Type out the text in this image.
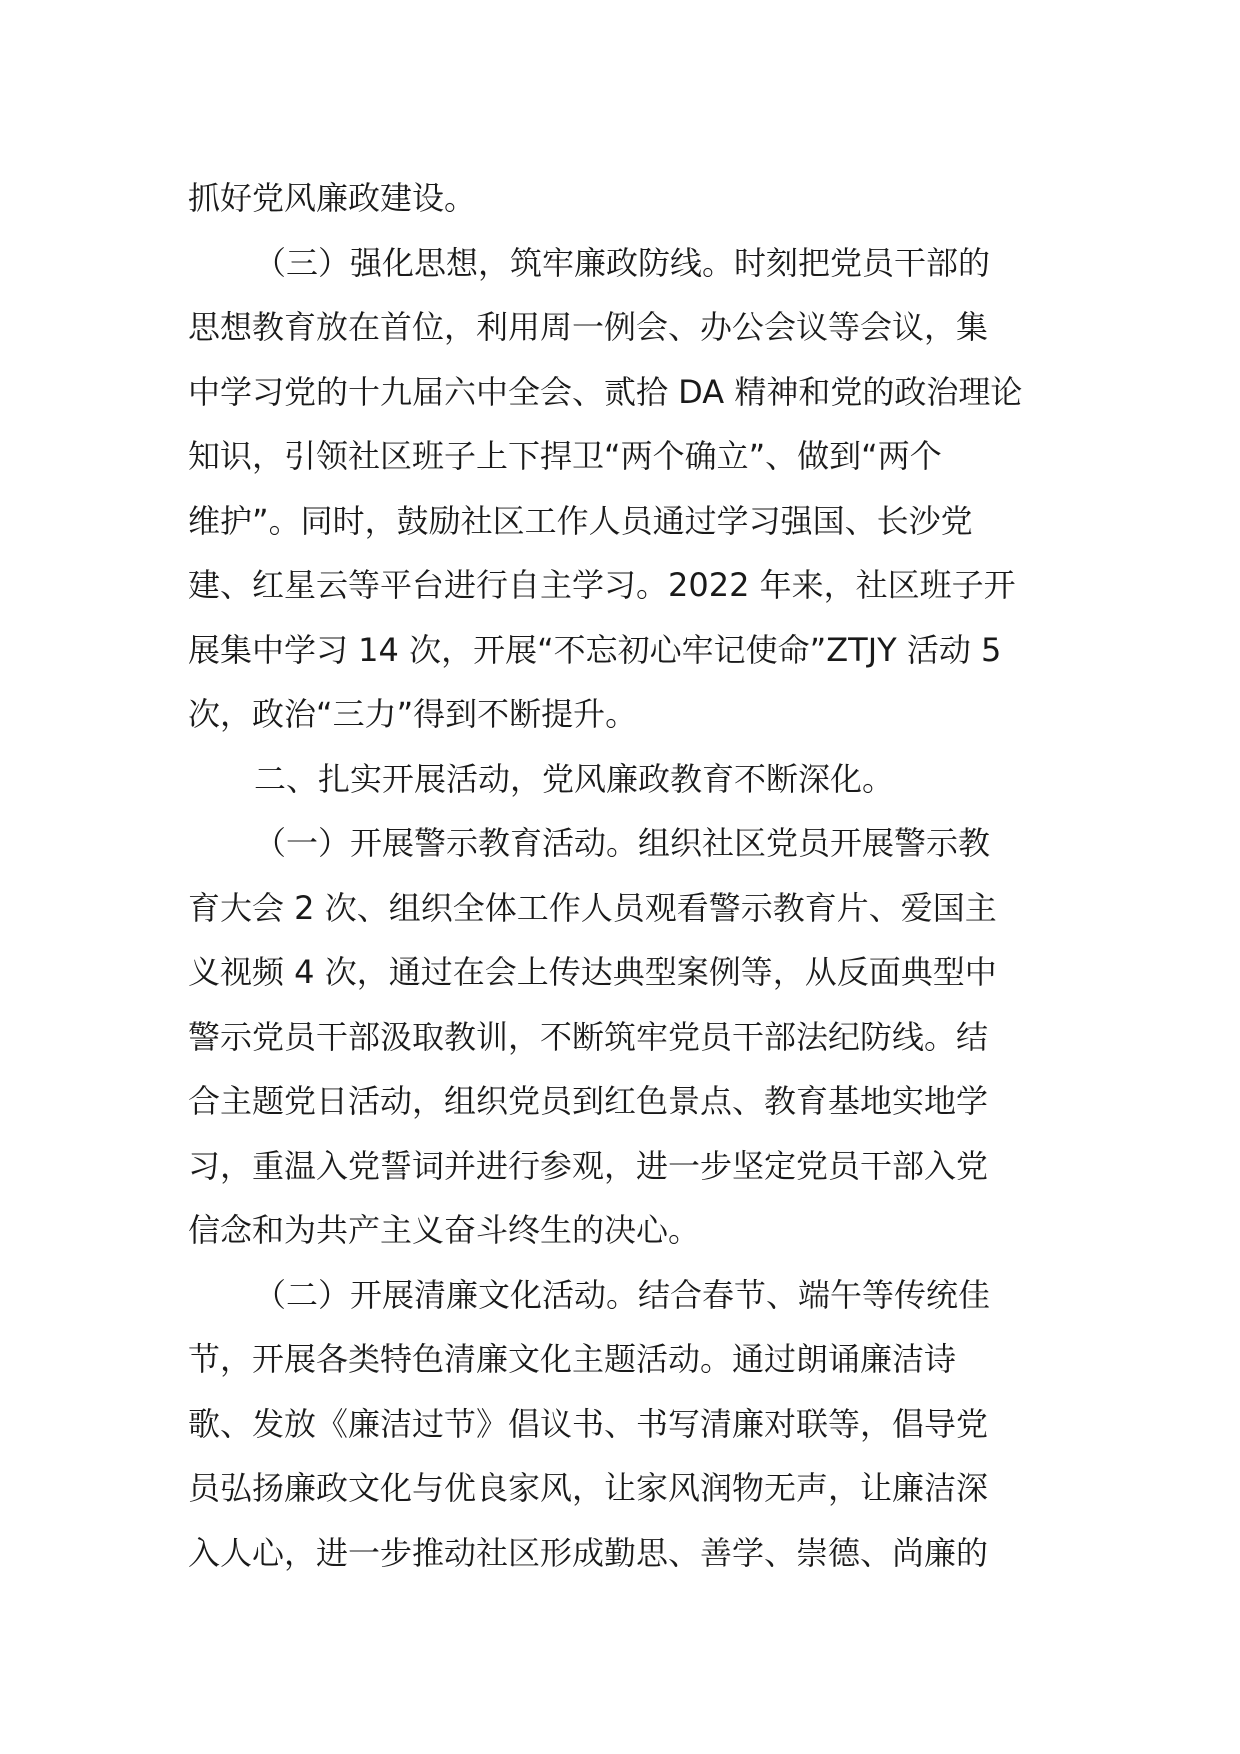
抓好党风廉政建设。
（三）强化思想，筑牢廉政防线。时刻把党员干部的
思想教育放在首位，利用周一例会、办公会议等会议，集
中学习党的十九届六中全会、贰拾 DA 精神和党的政治理论
知识，引领社区班子上下捍卫“两个确立”、做到“两个
维护”。同时，鼓励社区工作人员通过学习强国、长沙党
建、红星云等平台进行自主学习。2022 年来，社区班子开
展集中学习 14 次，开展“不忘初心牢记使命”ZTJY 活动 5
次，政治“三力”得到不断提升。
二、扎实开展活动，党风廉政教育不断深化。
（一）开展警示教育活动。组织社区党员开展警示教
育大会 2 次、组织全体工作人员观看警示教育片、爱国主
义视频 4 次，通过在会上传达典型案例等，从反面典型中
警示党员干部汲取教训，不断筑牢党员干部法纪防线。结
合主题党日活动，组织党员到红色景点、教育基地实地学
习，重温入党誓词并进行参观，进一步坚定党员干部入党
信念和为共产主义奋斗终生的决心。
（二）开展清廉文化活动。结合春节、端午等传统佳
节，开展各类特色清廉文化主题活动。通过朗诵廉洁诗
歌、发放《廉洁过节》倡议书、书写清廉对联等，倡导党
员弘扬廉政文化与优良家风，让家风润物无声，让廉洁深
入人心，进一步推动社区形成勤思、善学、崇德、尚廉的
